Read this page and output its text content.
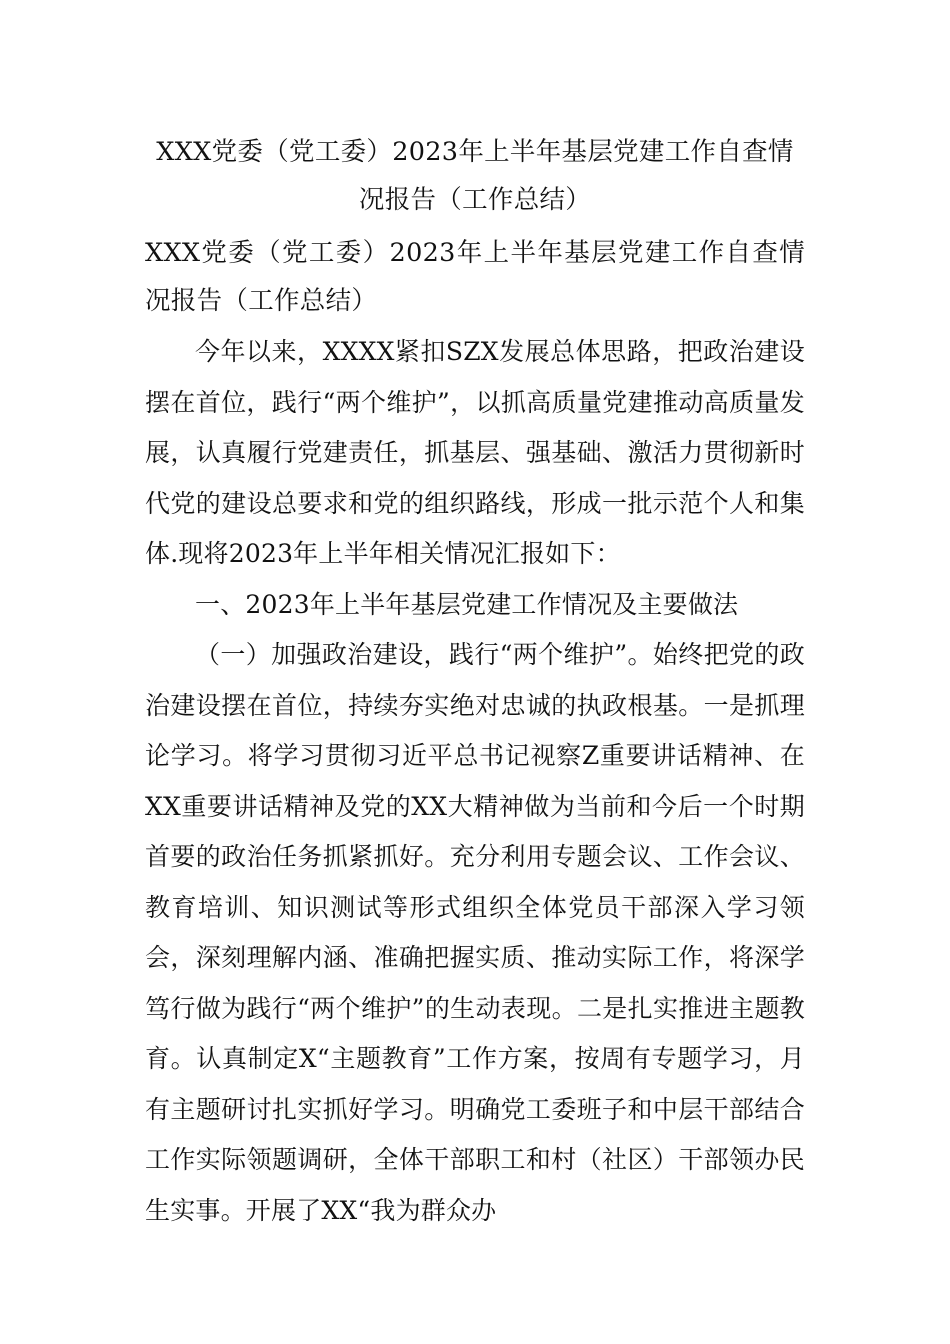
XXX党委（党工委）2023年上半年基层党建工作自查情况报告（工作总结）
XXX党委（党工委）2023年上半年基层党建工作自查情况报告（工作总结）

今年以来，XXXX紧扣SZX发展总体思路，把政治建设摆在首位，践行“两个维护”，以抓高质量党建推动高质量发展，认真履行党建责任，抓基层、强基础、激活力贯彻新时代党的建设总要求和党的组织路线，形成一批示范个人和集体.现将2023年上半年相关情况汇报如下：

一、2023年上半年基层党建工作情况及主要做法

（一）加强政治建设，践行“两个维护”。始终把党的政治建设摆在首位，持续夯实绝对忠诚的执政根基。一是抓理论学习。将学习贯彻习近平总书记视察Z重要讲话精神、在XX重要讲话精神及党的XX大精神做为当前和今后一个时期首要的政治任务抓紧抓好。充分利用专题会议、工作会议、教育培训、知识测试等形式组织全体党员干部深入学习领会，深刻理解内涵、准确把握实质、推动实际工作，将深学笃行做为践行“两个维护”的生动表现。二是扎实推进主题教育。认真制定X“主题教育”工作方案，按周有专题学习，月有主题研讨扎实抓好学习。明确党工委班子和中层干部结合工作实际领题调研，全体干部职工和村（社区）干部领办民生实事。开展了XX“我为群众办
